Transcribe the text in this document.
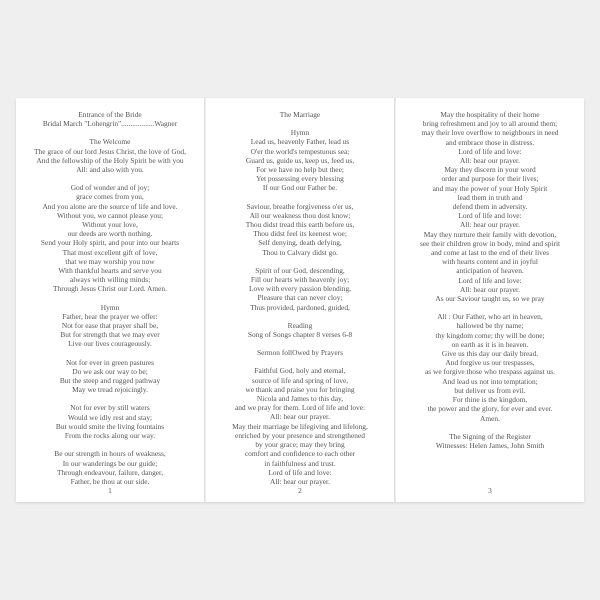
Entrance of the Bride
Bridal March "Lohengrin"..................Wagner
The Welcome
The grace of our lord Jesus Christ, the love of God,
And the fellowship of the Holy Spirit be with you
All: and also with you.
God of wonder and of joy;
grace comes from you,
And you alone are the source of life and love.
Without you, we cannot please you;
Without your love,
our deeds are worth nothing.
Send your Holy spirit, and pour into our hearts
That most excellent gift of love,
that we may worship you now
With thankful hearts and serve you
always with willing minds;
Through Jesus Christ our Lord. Amen.
Hymn
Father, hear the prayer we offer:
Not for ease that prayer shall be,
But for strength that we may ever
Live our lives courageously.
Not for ever in green pastures
Do we ask our way to be;
But the steep and rugged pathway
May we tread rejoicingly.
Not for ever by still waters
Would we idly rest and stay;
But would smite the living fountains
From the rocks along our way.
Be our strength in hours of weakness,
In our wanderings be our guide;
Through endeavour, failure, danger,
Father, be thou at our side.
1
The Marriage
Hymn
Lead us, heavenly Father, lead us
O'er the world's tempestuous sea;
Guard us, guide us, keep us, feed us,
For we have no help but thee;
Yet possessing every blessing
If our God our Father be.
Saviour, breathe forgiveness o'er us,
All our weakness thou dost know;
Thou didst tread this earth before us,
Thou didst feel its keenest woe;
Self denying, death defying,
Thou to Calvary didst go.
Spirit of our God, descending,
Fill our hearts with heavenly joy;
Love with every passion blending,
Pleasure that can never cloy;
Thus provided, pardoned, guided,
Reading
Song of Songs chapter 8 verses 6-8
Sermon follOwed by Prayers
Faithful God, holy and eternal,
source of life and spring of love,
we thank and praise you for bringing
Nicola and James to this day,
and we pray for them. Lord of life and love:
All: hear our prayer.
May their marriage be lifegiving and lifelong,
enriched by your presence and strengthened
by your grace; may they bring
comfort and confidence to each other
in faithfulness and trust.
Lord of life and love:
All: hear our prayer.
2
May the hospitality of their home
bring refreshment and joy to all around them;
may their love overflow to neighbours in need
and embrace those in distress.
Lord of life and love:
All: hear our prayer.
May they discern in your word
order and purpose for their lives;
and may the power of your Holy Spirit
lead them in truth and
defend them in adversity.
Lord of life and love:
All: hear our prayer.
May they nurture their family with devotion,
see their children grow in body, mind and spirit
and come at last to the end of their lives
with hearts content and in joyful
anticipation of heaven.
Lord of life and love:
All: hear our prayer.
As our Saviour taught us, so we pray
All : Our Father, who art in heaven,
hallowed be thy name;
thy kingdom come; thy will be done;
on earth as it is in heaven.
Give us this day our daily bread.
And forgive us our trespasses,
as we forgive those who trespass against us.
And lead us not into temptation;
but deliver us from evil.
For thine is the kingdom,
the power and the glory, for ever and ever.
Amen.
The Signing of the Register
Witnesses: Helen James, John Smith
3
